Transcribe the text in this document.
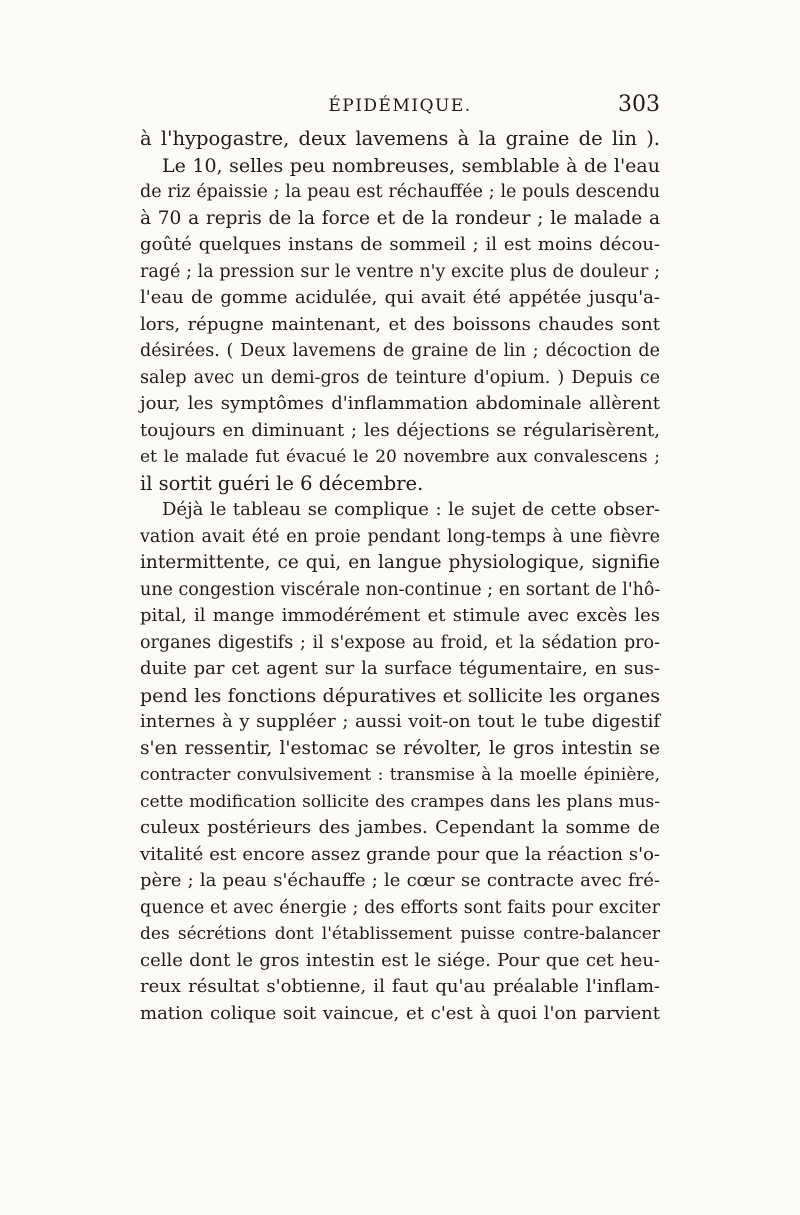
ÉPIDÉMIQUE.	303
à l'hypogastre, deux lavemens à la graine de lin ).
Le 10, selles peu nombreuses, semblable à de l'eau
de riz épaissie ; la peau est réchauffée ; le pouls descendu
à 70 a repris de la force et de la rondeur ; le malade a
goûté quelques instans de sommeil ; il est moins décou-
ragé ; la pression sur le ventre n'y excite plus de douleur ;
l'eau de gomme acidulée, qui avait été appétée jusqu'a-
lors, répugne maintenant, et des boissons chaudes sont
désirées. ( Deux lavemens de graine de lin ; décoction de
salep avec un demi-gros de teinture d'opium. ) Depuis ce
jour, les symptômes d'inflammation abdominale allèrent
toujours en diminuant ; les déjections se régularisèrent,
et le malade fut évacué le 20 novembre aux convalescens ;
il sortit guéri le 6 décembre.
Déjà le tableau se complique : le sujet de cette obser-
vation avait été en proie pendant long-temps à une fièvre
intermittente, ce qui, en langue physiologique, signifie
une congestion viscérale non-continue ; en sortant de l'hô-
pital, il mange immodérément et stimule avec excès les
organes digestifs ; il s'expose au froid, et la sédation pro-
duite par cet agent sur la surface tégumentaire, en sus-
pend les fonctions dépuratives et sollicite les organes
internes à y suppléer ; aussi voit-on tout le tube digestif
s'en ressentir, l'estomac se révolter, le gros intestin se
contracter convulsivement : transmise à la moelle épinière,
cette modification sollicite des crampes dans les plans mus-
culeux postérieurs des jambes. Cependant la somme de
vitalité est encore assez grande pour que la réaction s'o-
père ; la peau s'échauffe ; le cœur se contracte avec fré-
quence et avec énergie ; des efforts sont faits pour exciter
des sécrétions dont l'établissement puisse contre-balancer
celle dont le gros intestin est le siége. Pour que cet heu-
reux résultat s'obtienne, il faut qu'au préalable l'inflam-
mation colique soit vaincue, et c'est à quoi l'on parvient
